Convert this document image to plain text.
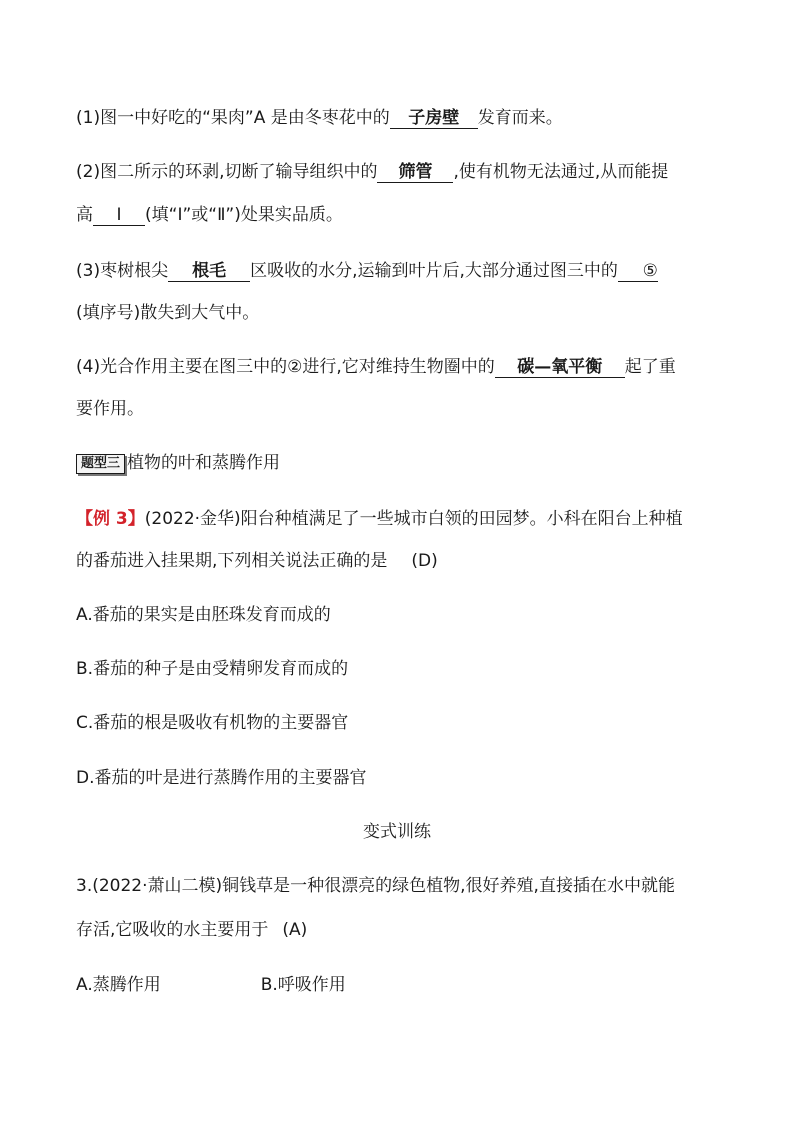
(1)图一中好吃的“果肉”A 是由冬枣花中的 子房壁 发育而来。
(2)图二所示的环剥,切断了输导组织中的 筛管 ,使有机物无法通过,从而能提
高 Ⅰ (填“Ⅰ”或“Ⅱ”)处果实品质。
(3)枣树根尖 根毛 区吸收的水分,运输到叶片后,大部分通过图三中的 ⑤
(填序号)散失到大气中。
(4)光合作用主要在图三中的②进行,它对维持生物圈中的 碳—氧平衡 起了重
要作用。
题型三 植物的叶和蒸腾作用
【例 3】(2022·金华)阳台种植满足了一些城市白领的田园梦。小科在阳台上种植
的番茄进入挂果期,下列相关说法正确的是 (D)
A.番茄的果实是由胚珠发育而成的
B.番茄的种子是由受精卵发育而成的
C.番茄的根是吸收有机物的主要器官
D.番茄的叶是进行蒸腾作用的主要器官
变式训练
3.(2022·萧山二模)铜钱草是一种很漂亮的绿色植物,很好养殖,直接插在水中就能
存活,它吸收的水主要用于 (A)
A.蒸腾作用	B.呼吸作用
